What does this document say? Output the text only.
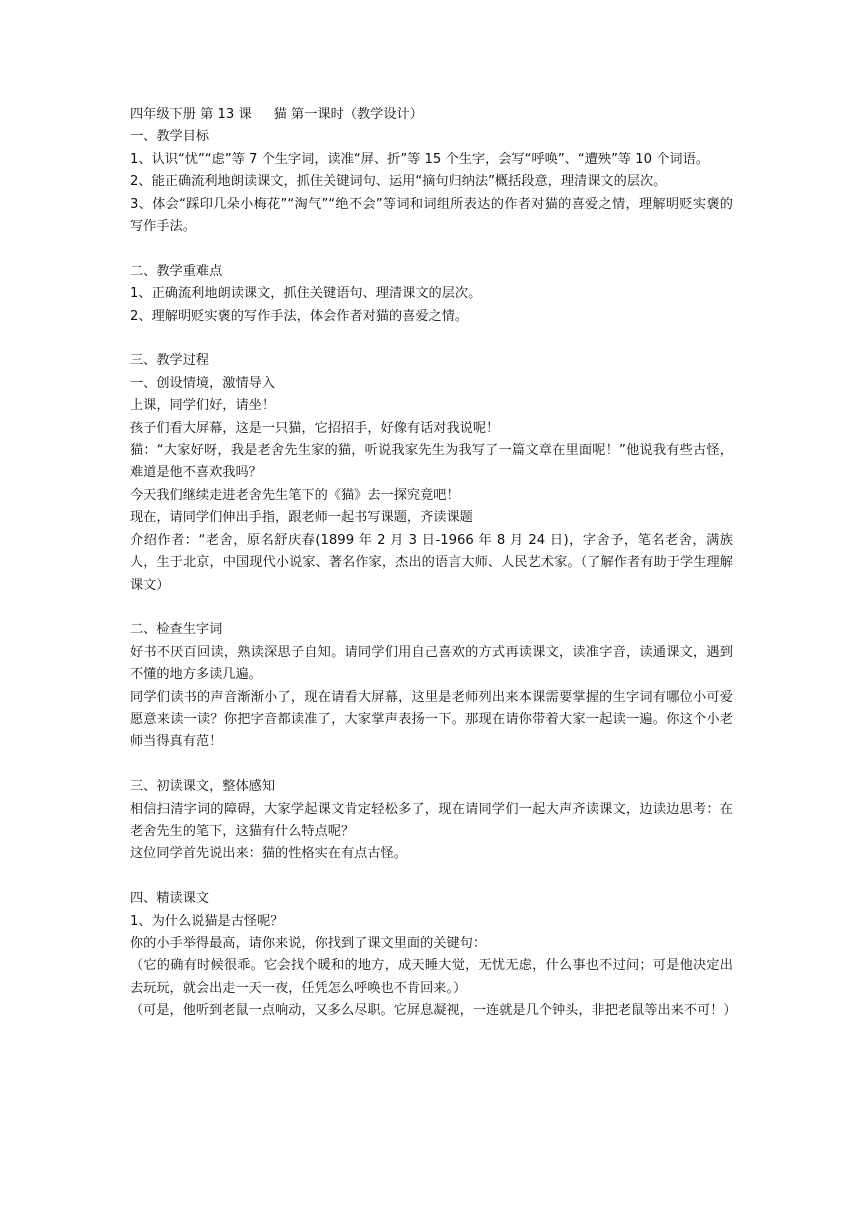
四年级下册 第 13 课 猫 第一课时（教学设计）
一、教学目标
1、认识“忧”“虑”等 7 个生字词，读准“屏、折”等 15 个生字，会写“呼唤”、“遭殃”等 10 个词语。
2、能正确流利地朗读课文，抓住关键词句、运用“摘句归纳法”概括段意，理清课文的层次。
3、体会“踩印几朵小梅花”“淘气”“绝不会”等词和词组所表达的作者对猫的喜爱之情，理解明贬实褒的写作手法。
二、教学重难点
1、正确流利地朗读课文，抓住关键语句、理清课文的层次。
2、理解明贬实褒的写作手法，体会作者对猫的喜爱之情。
三、教学过程
一、创设情境，激情导入
上课，同学们好，请坐！
孩子们看大屏幕，这是一只猫，它招招手，好像有话对我说呢！
猫：“大家好呀，我是老舍先生家的猫，听说我家先生为我写了一篇文章在里面呢！”他说我有些古怪，难道是他不喜欢我吗？
今天我们继续走进老舍先生笔下的《猫》去一探究竟吧！
现在，请同学们伸出手指，跟老师一起书写课题，齐读课题
介绍作者：“老舍，原名舒庆春(1899 年 2 月 3 日-1966 年 8 月 24 日)，字舍予，笔名老舍，满族人，生于北京，中国现代小说家、著名作家，杰出的语言大师、人民艺术家。（了解作者有助于学生理解课文）
二、检查生字词
好书不厌百回读，熟读深思子自知。请同学们用自己喜欢的方式再读课文，读准字音，读通课文，遇到不懂的地方多读几遍。
同学们读书的声音渐渐小了，现在请看大屏幕，这里是老师列出来本课需要掌握的生字词有哪位小可爱愿意来读一读？你把字音都读准了，大家掌声表扬一下。那现在请你带着大家一起读一遍。你这个小老师当得真有范！
三、初读课文，整体感知
相信扫清字词的障碍，大家学起课文肯定轻松多了，现在请同学们一起大声齐读课文，边读边思考：在老舍先生的笔下，这猫有什么特点呢？
这位同学首先说出来：猫的性格实在有点古怪。
四、精读课文
1、为什么说猫是古怪呢？
你的小手举得最高，请你来说，你找到了课文里面的关键句：
（它的确有时候很乖。它会找个暖和的地方，成天睡大觉，无忧无虑，什么事也不过问；可是他决定出去玩玩，就会出走一天一夜，任凭怎么呼唤也不肯回来。）
（可是，他听到老鼠一点响动，又多么尽职。它屏息凝视，一连就是几个钟头，非把老鼠等出来不可！）
